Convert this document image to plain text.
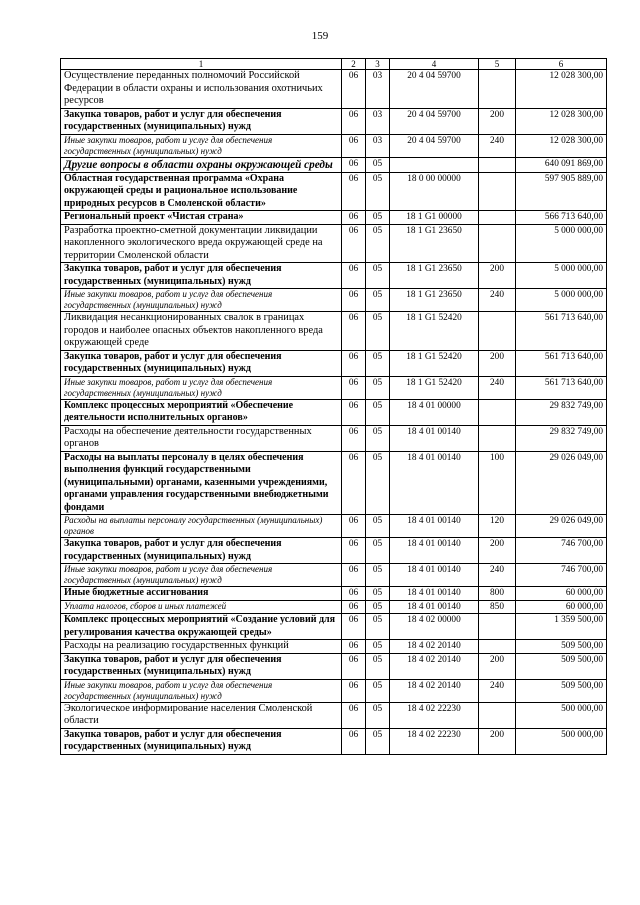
159
1	2	3	4	5	6
Осуществление переданных полномочий Российской Федерации в области охраны и использования охотничьих ресурсов	06	03	20 4 04 59700		12 028 300,00
Закупка товаров, работ и услуг для обеспечения государственных (муниципальных) нужд	06	03	20 4 04 59700	200	12 028 300,00
Иные закупки товаров, работ и услуг для обеспечения государственных (муниципальных) нужд	06	03	20 4 04 59700	240	12 028 300,00
Другие вопросы в области охраны окружающей среды	06	05			640 091 869,00
Областная государственная программа «Охрана окружающей среды и рациональное использование природных ресурсов в Смоленской области»	06	05	18 0 00 00000		597 905 889,00
Региональный проект «Чистая страна»	06	05	18 1 G1 00000		566 713 640,00
Разработка проектно-сметной документации ликвидации накопленного экологического вреда окружающей среде на территории Смоленской области	06	05	18 1 G1 23650		5 000 000,00
Закупка товаров, работ и услуг для обеспечения государственных (муниципальных) нужд	06	05	18 1 G1 23650	200	5 000 000,00
Иные закупки товаров, работ и услуг для обеспечения государственных (муниципальных) нужд	06	05	18 1 G1 23650	240	5 000 000,00
Ликвидация несанкционированных свалок в границах городов и наиболее опасных объектов накопленного вреда окружающей среде	06	05	18 1 G1 52420		561 713 640,00
Закупка товаров, работ и услуг для обеспечения государственных (муниципальных) нужд	06	05	18 1 G1 52420	200	561 713 640,00
Иные закупки товаров, работ и услуг для обеспечения государственных (муниципальных) нужд	06	05	18 1 G1 52420	240	561 713 640,00
Комплекс процессных мероприятий «Обеспечение деятельности исполнительных органов»	06	05	18 4 01 00000		29 832 749,00
Расходы на обеспечение деятельности государственных органов	06	05	18 4 01 00140		29 832 749,00
Расходы на выплаты персоналу в целях обеспечения выполнения функций государственными (муниципальными) органами, казенными учреждениями, органами управления государственными внебюджетными фондами	06	05	18 4 01 00140	100	29 026 049,00
Расходы на выплаты персоналу государственных (муниципальных) органов	06	05	18 4 01 00140	120	29 026 049,00
Закупка товаров, работ и услуг для обеспечения государственных (муниципальных) нужд	06	05	18 4 01 00140	200	746 700,00
Иные закупки товаров, работ и услуг для обеспечения государственных (муниципальных) нужд	06	05	18 4 01 00140	240	746 700,00
Иные бюджетные ассигнования	06	05	18 4 01 00140	800	60 000,00
Уплата налогов, сборов и иных платежей	06	05	18 4 01 00140	850	60 000,00
Комплекс процессных мероприятий «Создание условий для регулирования качества окружающей среды»	06	05	18 4 02 00000		1 359 500,00
Расходы на реализацию государственных функций	06	05	18 4 02 20140		509 500,00
Закупка товаров, работ и услуг для обеспечения государственных (муниципальных) нужд	06	05	18 4 02 20140	200	509 500,00
Иные закупки товаров, работ и услуг для обеспечения государственных (муниципальных) нужд	06	05	18 4 02 20140	240	509 500,00
Экологическое информирование населения Смоленской области	06	05	18 4 02 22230		500 000,00
Закупка товаров, работ и услуг для обеспечения государственных (муниципальных) нужд	06	05	18 4 02 22230	200	500 000,00
